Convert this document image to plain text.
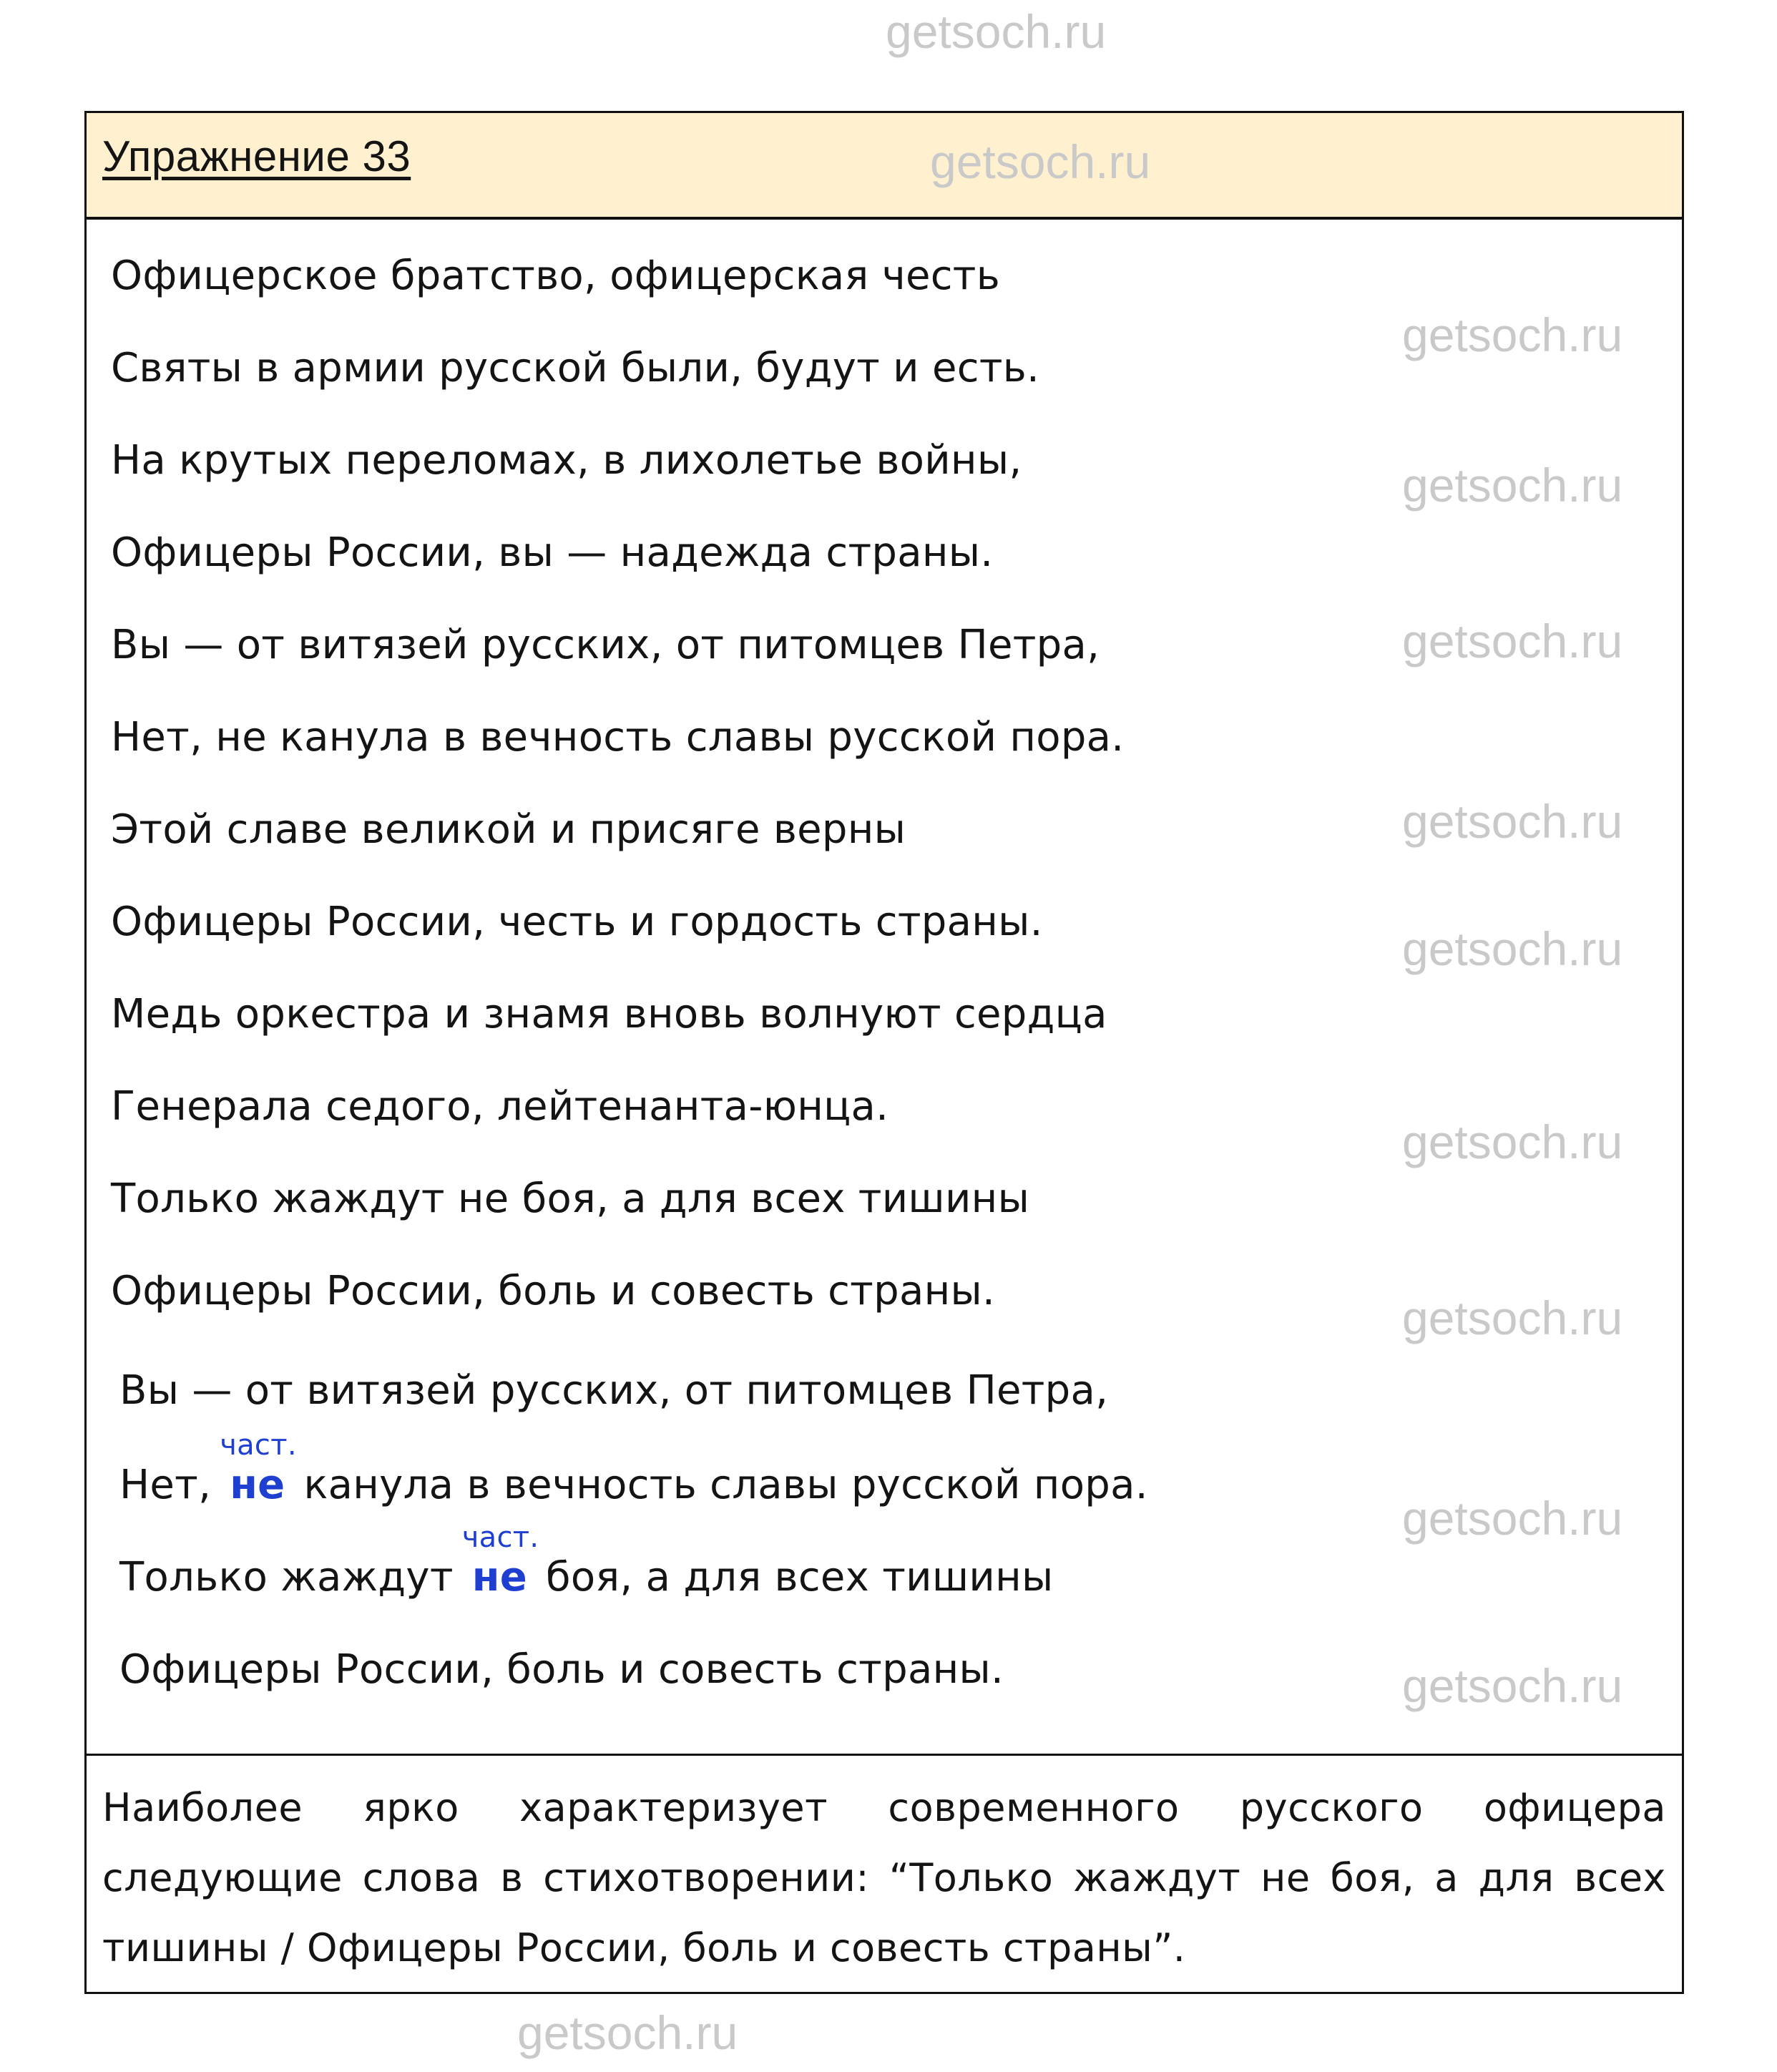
Упражнение 33
Офицерское братство, офицерская честь
Святы в армии русской были, будут и есть.
На крутых переломах, в лихолетье войны,
Офицеры России, вы — надежда страны.
Вы — от витязей русских, от питомцев Петра,
Нет, не канула в вечность славы русской пора.
Этой славе великой и присяге верны
Офицеры России, честь и гордость страны.
Медь оркестра и знамя вновь волнуют сердца
Генерала седого, лейтенанта-юнца.
Только жаждут не боя, а для всех тишины
Офицеры России, боль и совесть страны.
Вы — от витязей русских, от питомцев Петра,
Нет, не
част.
канула в вечность славы русской пора.
Только жаждут не
част.
боя, а для всех тишины
Офицеры России, боль и совесть страны.
Наиболее ярко характеризует современного русского офицера следующие слова в стихотворении: “Только жаждут не боя, а для всех тишины / Офицеры России, боль и совесть страны”.
getsoch.ru
getsoch.ru
getsoch.ru
getsoch.ru
getsoch.ru
getsoch.ru
getsoch.ru
getsoch.ru
getsoch.ru
getsoch.ru
getsoch.ru
getsoch.ru
